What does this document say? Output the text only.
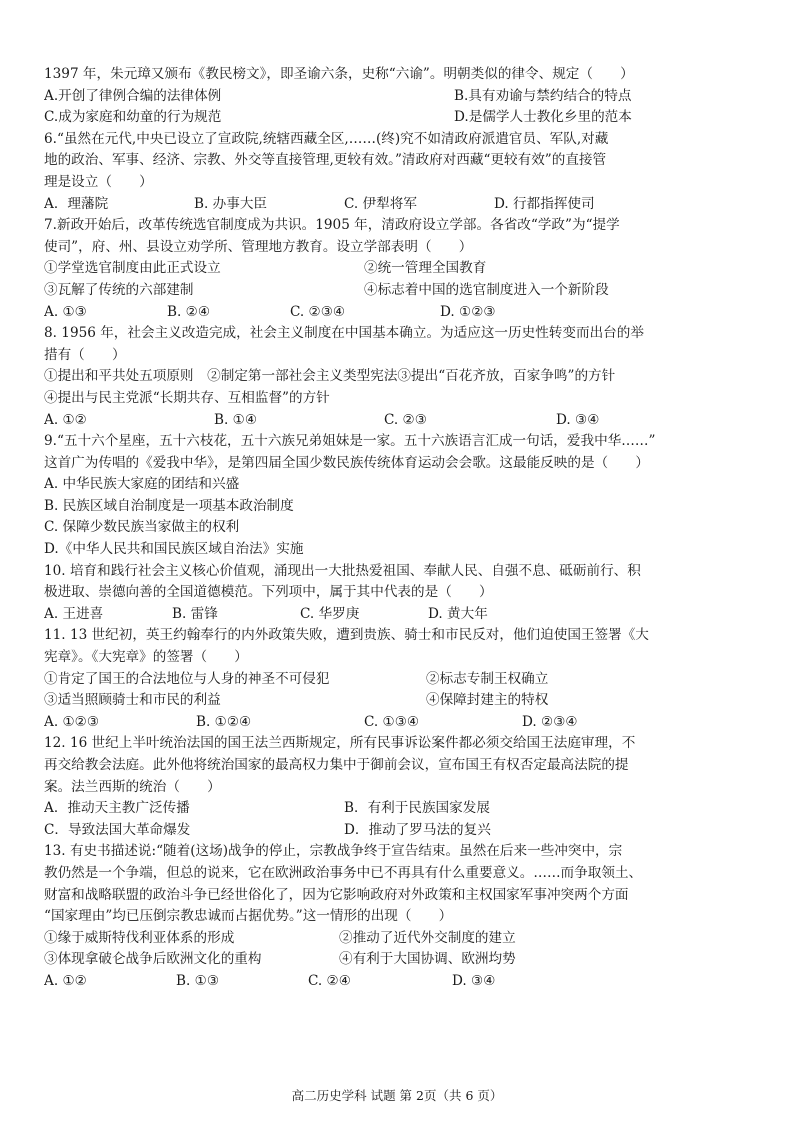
1397 年，朱元璋又颁布《教民榜文》，即圣谕六条，史称“六谕”。明朝类似的律令、规定（　　）
A.开创了律例合编的法律体例	B.具有劝谕与禁约结合的特点
C.成为家庭和幼童的行为规范	D.是儒学人士教化乡里的范本
6.“虽然在元代,中央已设立了宣政院,统辖西藏全区,……(终)究不如清政府派遣官员、军队,对藏
地的政治、军事、经济、宗教、外交等直接管理,更较有效。”清政府对西藏“更较有效”的直接管
理是设立（　　）
A．理藩院	B. 办事大臣	C. 伊犁将军	D. 行都指挥使司
7.新政开始后，改革传统选官制度成为共识。1905 年，清政府设立学部。各省改“学政”为“提学
使司”，府、州、县设立劝学所、管理地方教育。设立学部表明（　　）
①学堂选官制度由此正式设立	②统一管理全国教育
③瓦解了传统的六部建制	④标志着中国的选官制度进入一个新阶段
A. ①③	B. ②④	C. ②③④	D. ①②③
8. 1956 年，社会主义改造完成，社会主义制度在中国基本确立。为适应这一历史性转变而出台的举
措有（　　）
①提出和平共处五项原则　②制定第一部社会主义类型宪法③提出“百花齐放，百家争鸣”的方针
④提出与民主党派“长期共存、互相监督”的方针
A. ①②	B. ①④	C. ②③	D. ③④
9.“五十六个星座，五十六枝花，五十六族兄弟姐妹是一家。五十六族语言汇成一句话，爱我中华……”
这首广为传唱的《爱我中华》，是第四届全国少数民族传统体育运动会会歌。这最能反映的是（　　）
A. 中华民族大家庭的团结和兴盛
B. 民族区域自治制度是一项基本政治制度
C. 保障少数民族当家做主的权利
D.《中华人民共和国民族区域自治法》实施
10. 培育和践行社会主义核心价值观，涌现出一大批热爱祖国、奉献人民、自强不息、砥砺前行、积
极进取、崇德向善的全国道德模范。下列项中，属于其中代表的是（　　）
A. 王进喜	B. 雷锋	C. 华罗庚	D. 黄大年
11. 13 世纪初，英王约翰奉行的内外政策失败，遭到贵族、骑士和市民反对，他们迫使国王签署《大
宪章》。《大宪章》的签署（　　）
①肯定了国王的合法地位与人身的神圣不可侵犯	②标志专制王权确立
③适当照顾骑士和市民的利益	④保障封建主的特权
A. ①②③	B. ①②④	C. ①③④	D. ②③④
12. 16 世纪上半叶统治法国的国王法兰西斯规定，所有民事诉讼案件都必须交给国王法庭审理，不
再交给教会法庭。此外他将统治国家的最高权力集中于御前会议，宣布国王有权否定最高法院的提
案。法兰西斯的统治（　　）
A．推动天主教广泛传播	B．有利于民族国家发展
C．导致法国大革命爆发	D．推动了罗马法的复兴
13. 有史书描述说:“随着(这场)战争的停止，宗教战争终于宣告结束。虽然在后来一些冲突中，宗
教仍然是一个争端，但总的说来，它在欧洲政治事务中已不再具有什么重要意义。……而争取领土、
财富和战略联盟的政治斗争已经世俗化了，因为它影响政府对外政策和主权国家军事冲突两个方面
“国家理由”均已压倒宗教忠诚而占据优势。”这一情形的出现（　　）
①缘于威斯特伐利亚体系的形成	②推动了近代外交制度的建立
③体现拿破仑战争后欧洲文化的重构	④有利于大国协调、欧洲均势
A. ①②	B. ①③	C. ②④	D. ③④
高二历史学科 试题 第 2页（共 6 页）
